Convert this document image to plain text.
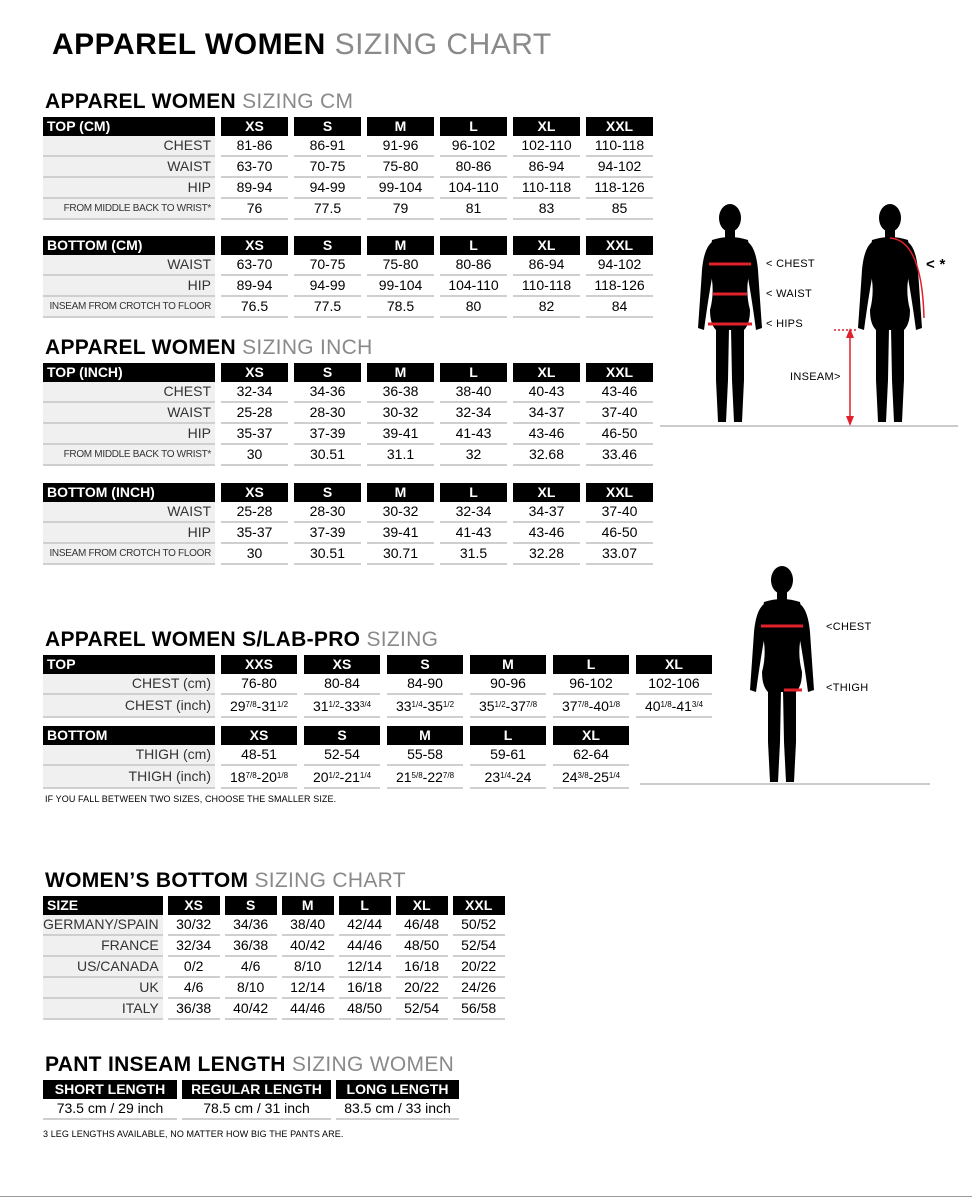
APPAREL WOMEN SIZING CHART
APPAREL WOMEN SIZING CM
TOP (CM)		XS		S		M		L		XL		XXL
CHEST		81-86		86-91		91-96		96-102		102-110		110-118
WAIST		63-70		70-75		75-80		80-86		86-94		94-102
HIP		89-94		94-99		99-104		104-110		110-118		118-126
FROM MIDDLE BACK TO WRIST*		76		77.5		79		81		83		85
BOTTOM (CM)		XS		S		M		L		XL		XXL
WAIST		63-70		70-75		75-80		80-86		86-94		94-102
HIP		89-94		94-99		99-104		104-110		110-118		118-126
INSEAM FROM CROTCH TO FLOOR		76.5		77.5		78.5		80		82		84
APPAREL WOMEN SIZING INCH
TOP (INCH)		XS		S		M		L		XL		XXL
CHEST		32-34		34-36		36-38		38-40		40-43		43-46
WAIST		25-28		28-30		30-32		32-34		34-37		37-40
HIP		35-37		37-39		39-41		41-43		43-46		46-50
FROM MIDDLE BACK TO WRIST*		30		30.51		31.1		32		32.68		33.46
BOTTOM (INCH)		XS		S		M		L		XL		XXL
WAIST		25-28		28-30		30-32		32-34		34-37		37-40
HIP		35-37		37-39		39-41		41-43		43-46		46-50
INSEAM FROM CROTCH TO FLOOR		30		30.51		30.71		31.5		32.28		33.07
< CHEST
< WAIST
< HIPS
INSEAM>
< *
APPAREL WOMEN S/LAB-PRO SIZING
TOP		XXS		XS		S		M		L		XL
CHEST (cm)		76-80		80-84		84-90		90-96		96-102		102-106
CHEST (inch)		$29^{7/8}-31^{1/2}$		$31^{1/2}-33^{3/4}$		$33^{1/4}-35^{1/2}$		$35^{1/2}-37^{7/8}$		$37^{7/8}-40^{1/8}$		$40^{1/8}-41^{3/4}$
BOTTOM		XS		S		M		L		XL
THIGH (cm)		48-51		52-54		55-58		59-61		62-64
THIGH (inch)		$18^{7/8}-20^{1/8}$		$20^{1/2}-21^{1/4}$		$21^{5/8}-22^{7/8}$		$23^{1/4}-24$		$24^{3/8}-25^{1/4}$
IF YOU FALL BETWEEN TWO SIZES, CHOOSE THE SMALLER SIZE.
<CHEST
<THIGH
WOMEN’S BOTTOM SIZING CHART
SIZE		XS		S		M		L		XL		XXL
GERMANY/SPAIN		30/32		34/36		38/40		42/44		46/48		50/52
FRANCE		32/34		36/38		40/42		44/46		48/50		52/54
US/CANADA		0/2		4/6		8/10		12/14		16/18		20/22
UK		4/6		8/10		12/14		16/18		20/22		24/26
ITALY		36/38		40/42		44/46		48/50		52/54		56/58
PANT INSEAM LENGTH SIZING WOMEN
SHORT LENGTH		REGULAR LENGTH		LONG LENGTH
73.5 cm / 29 inch		78.5 cm / 31 inch		83.5 cm / 33 inch
3 LEG LENGTHS AVAILABLE, NO MATTER HOW BIG THE PANTS ARE.
